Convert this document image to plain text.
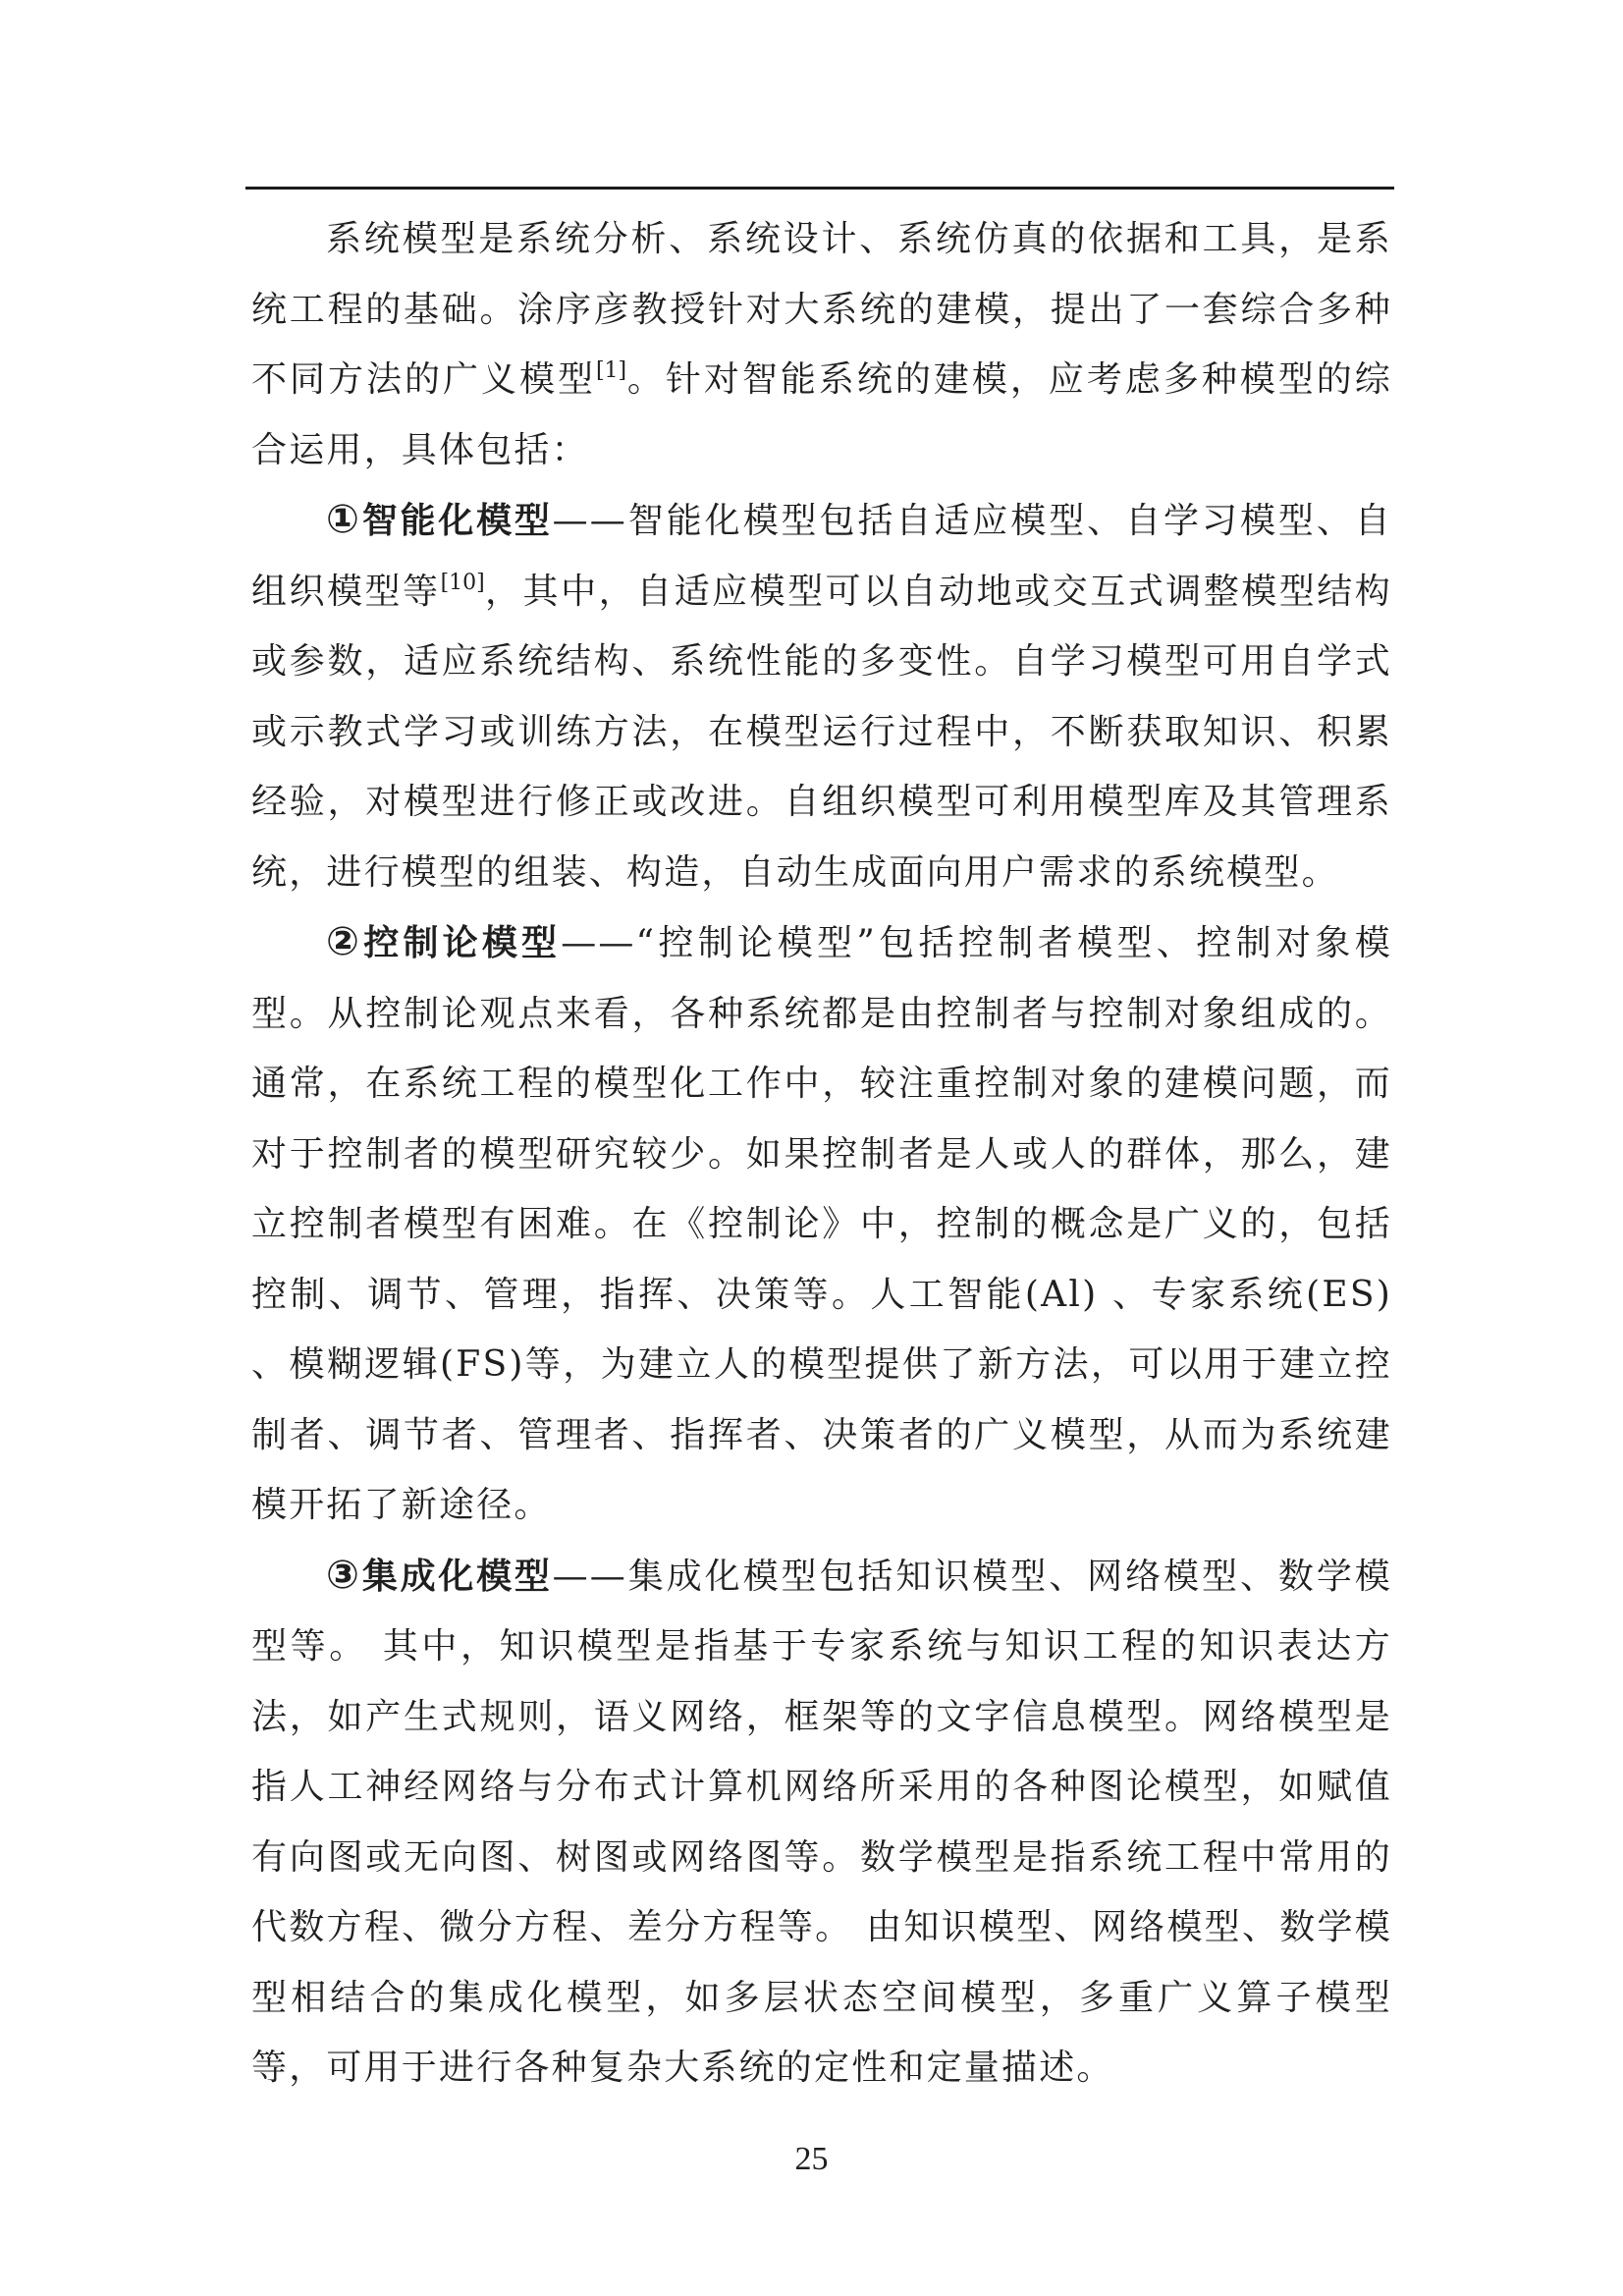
系统模型是系统分析、系统设计、系统仿真的依据和工具，是系统工程的基础。涂序彦教授针对大系统的建模，提出了一套综合多种不同方法的广义模型[1]。针对智能系统的建模，应考虑多种模型的综合运用，具体包括：

①智能化模型——智能化模型包括自适应模型、自学习模型、自组织模型等[10]，其中，自适应模型可以自动地或交互式调整模型结构或参数，适应系统结构、系统性能的多变性。自学习模型可用自学式或示教式学习或训练方法，在模型运行过程中，不断获取知识、积累经验，对模型进行修正或改进。自组织模型可利用模型库及其管理系统，进行模型的组装、构造，自动生成面向用户需求的系统模型。

②控制论模型——“控制论模型”包括控制者模型、控制对象模型。从控制论观点来看，各种系统都是由控制者与控制对象组成的。通常，在系统工程的模型化工作中，较注重控制对象的建模问题，而对于控制者的模型研究较少。如果控制者是人或人的群体，那么，建立控制者模型有困难。在《控制论》中，控制的概念是广义的，包括控制、调节、管理，指挥、决策等。人工智能(Al) 、专家系统(ES) 、模糊逻辑(FS)等，为建立人的模型提供了新方法，可以用于建立控制者、调节者、管理者、指挥者、决策者的广义模型，从而为系统建模开拓了新途径。

③集成化模型——集成化模型包括知识模型、网络模型、数学模型等。 其中，知识模型是指基于专家系统与知识工程的知识表达方法，如产生式规则，语义网络，框架等的文字信息模型。网络模型是指人工神经网络与分布式计算机网络所采用的各种图论模型，如赋值有向图或无向图、树图或网络图等。数学模型是指系统工程中常用的代数方程、微分方程、差分方程等。 由知识模型、网络模型、数学模型相结合的集成化模型，如多层状态空间模型，多重广义算子模型等，可用于进行各种复杂大系统的定性和定量描述。

25
